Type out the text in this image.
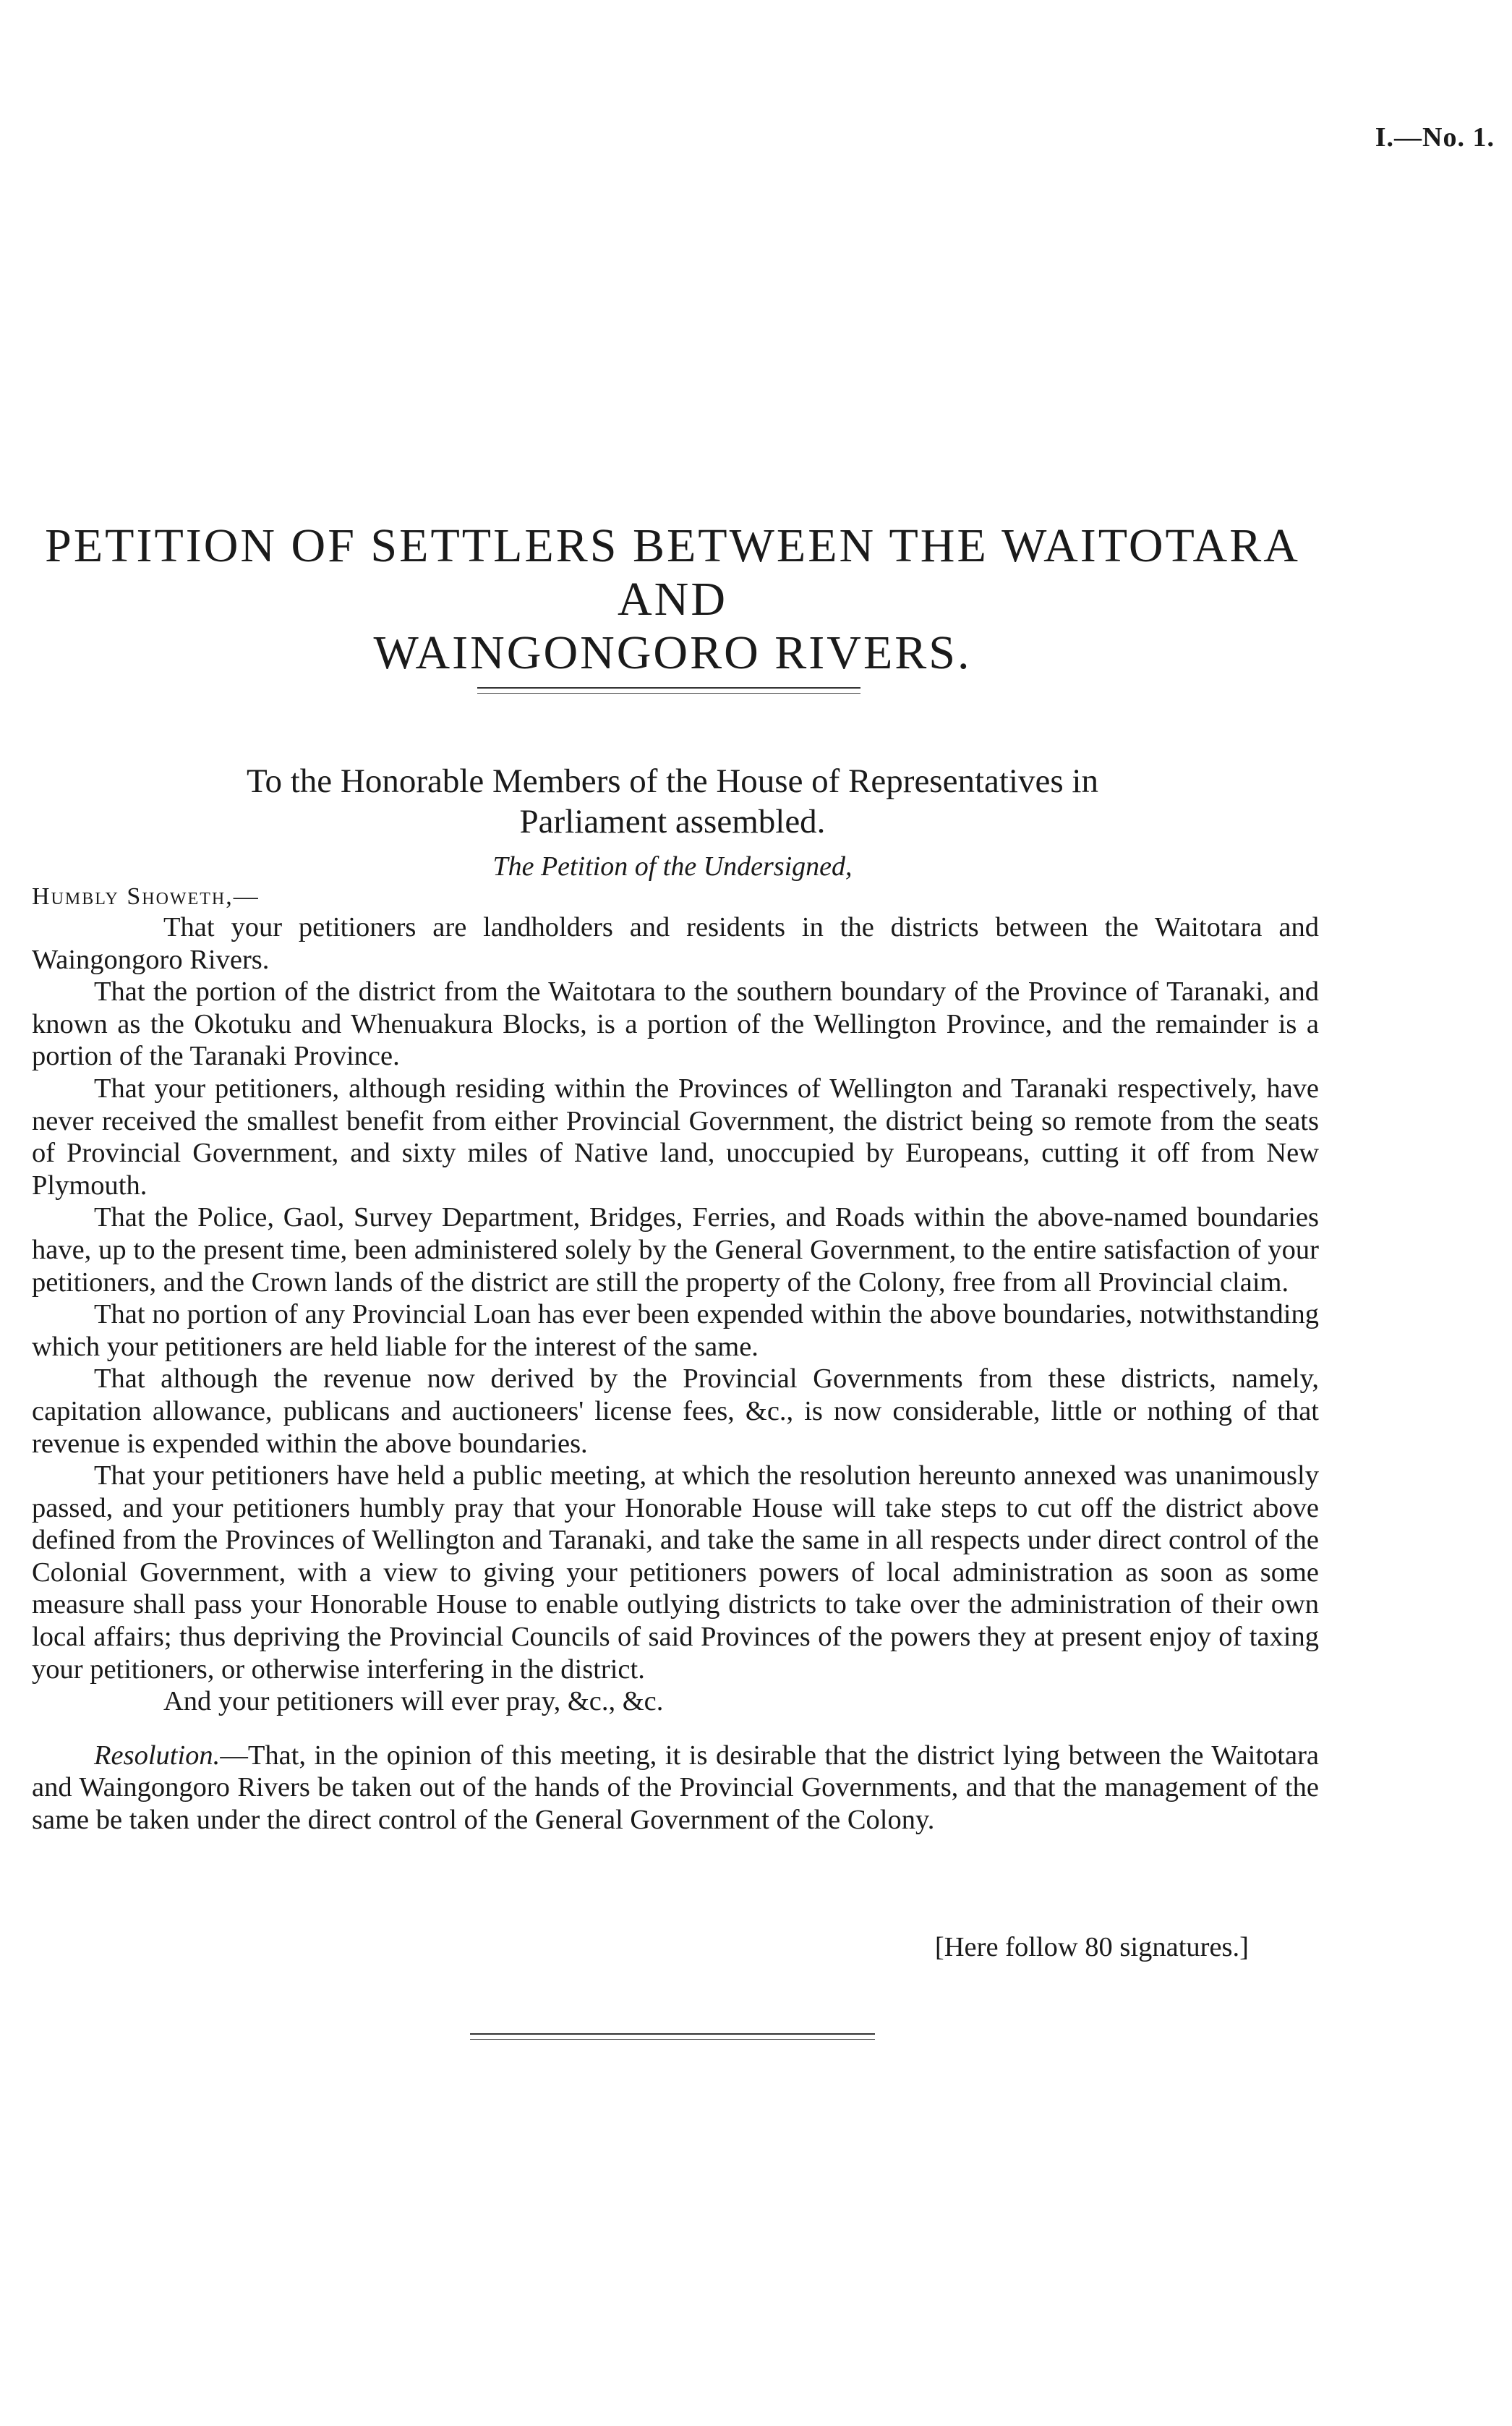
I.—No. 1.
PETITION OF SETTLERS BETWEEN THE WAITOTARA AND
WAINGONGORO RIVERS.
To the Honorable Members of the House of Representatives in
Parliament assembled.
The Petition of the Undersigned,
Humbly Showeth,—

That your petitioners are landholders and residents in the districts between the Waitotara and Waingongoro Rivers.

That the portion of the district from the Waitotara to the southern boundary of the Province of Taranaki, and known as the Okotuku and Whenuakura Blocks, is a portion of the Wellington Province, and the remainder is a portion of the Taranaki Province.

That your petitioners, although residing within the Provinces of Wellington and Taranaki respectively, have never received the smallest benefit from either Provincial Government, the district being so remote from the seats of Provincial Government, and sixty miles of Native land, unoccupied by Europeans, cutting it off from New Plymouth.

That the Police, Gaol, Survey Department, Bridges, Ferries, and Roads within the above-named boundaries have, up to the present time, been administered solely by the General Government, to the entire satisfaction of your petitioners, and the Crown lands of the district are still the property of the Colony, free from all Provincial claim.

That no portion of any Provincial Loan has ever been expended within the above boundaries, notwithstanding which your petitioners are held liable for the interest of the same.

That although the revenue now derived by the Provincial Governments from these districts, namely, capitation allowance, publicans and auctioneers' license fees, &c., is now considerable, little or nothing of that revenue is expended within the above boundaries.

That your petitioners have held a public meeting, at which the resolution hereunto annexed was unanimously passed, and your petitioners humbly pray that your Honorable House will take steps to cut off the district above defined from the Provinces of Wellington and Taranaki, and take the same in all respects under direct control of the Colonial Government, with a view to giving your petitioners powers of local administration as soon as some measure shall pass your Honorable House to enable outlying districts to take over the administration of their own local affairs; thus depriving the Provincial Councils of said Provinces of the powers they at present enjoy of taxing your petitioners, or otherwise interfering in the district.

And your petitioners will ever pray, &c., &c.

Resolution.—That, in the opinion of this meeting, it is desirable that the district lying between the Waitotara and Waingongoro Rivers be taken out of the hands of the Provincial Governments, and that the management of the same be taken under the direct control of the General Government of the Colony.

[Here follow 80 signatures.]
